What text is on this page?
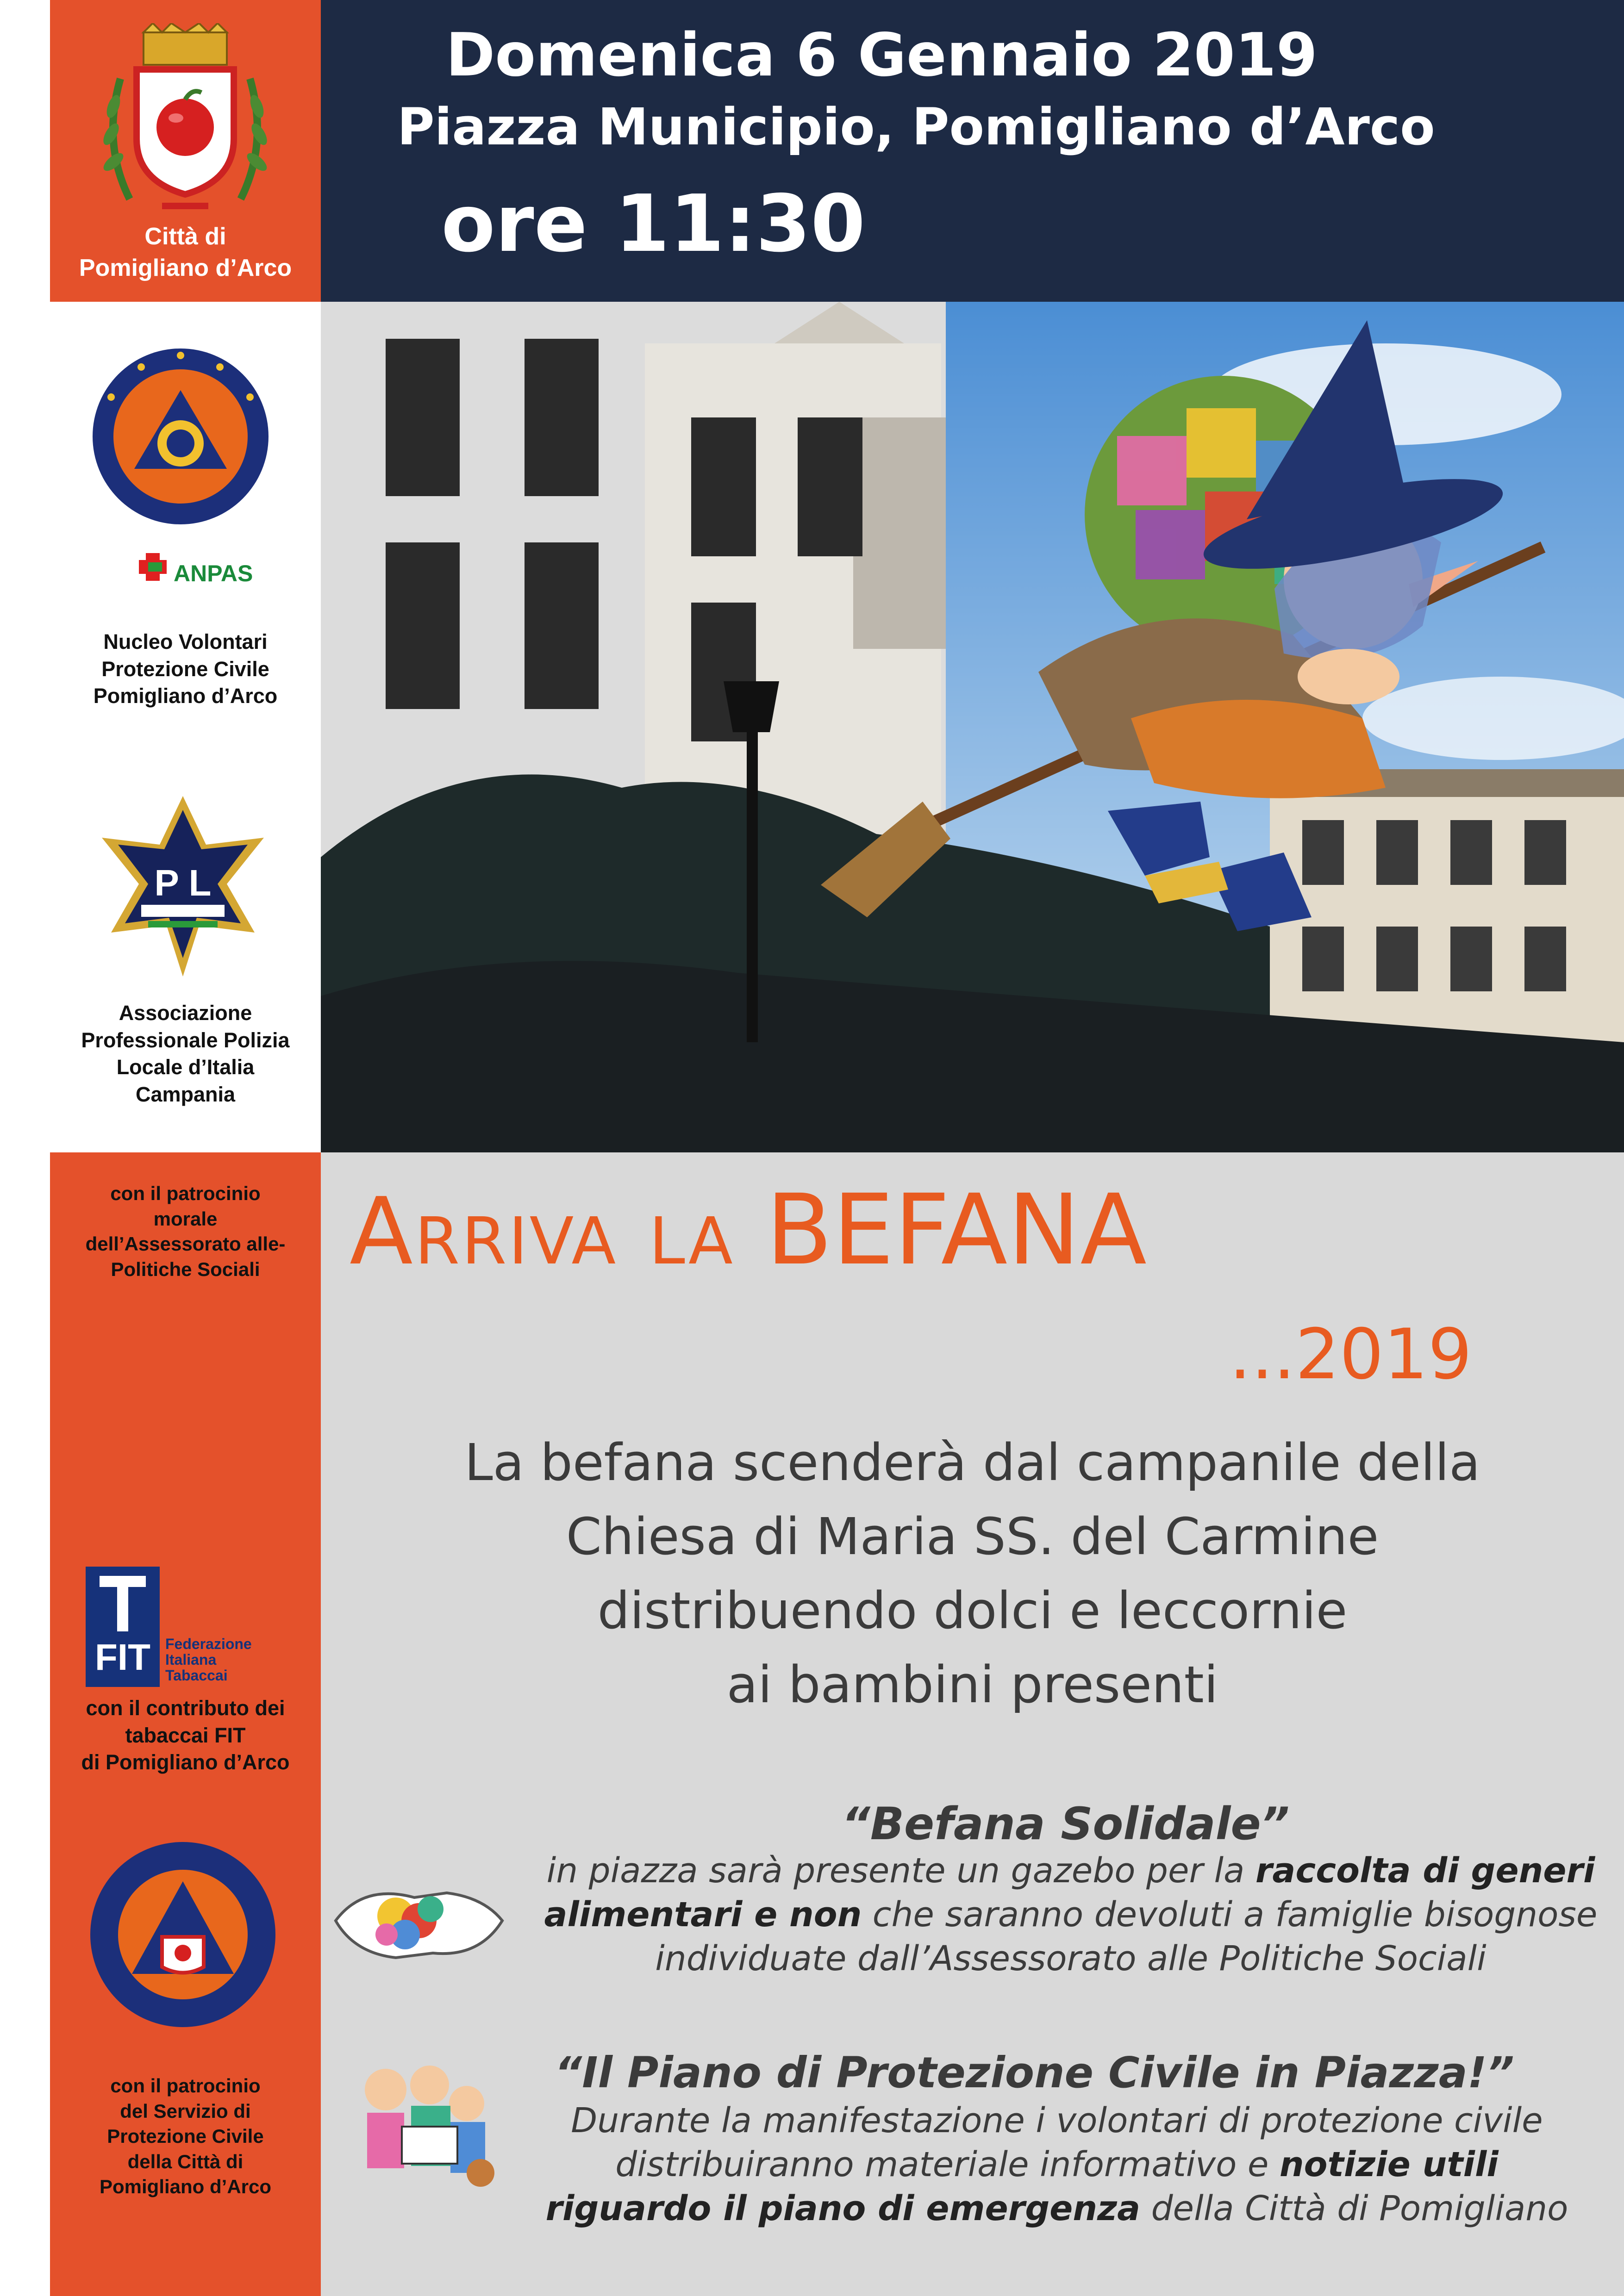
Città di
Pomigliano d’Arco
ANPAS
Nucleo Volontari
Protezione Civile
Pomigliano d’Arco
P L
Associazione
Professionale Polizia
Locale d’Italia
Campania
con il patrocinio
morale
dell’Assessorato alle-
Politiche Sociali
FIT	Federazione
Italiana
Tabaccai
con il contributo dei
tabaccai FIT
di Pomigliano d’Arco
con il patrocinio
del Servizio di
Protezione Civile
della Città di
Pomigliano d’Arco
Domenica 6 Gennaio 2019
Piazza Municipio, Pomigliano d’Arco
ore 11:30
Arriva la BEFANA
...2019
La befana scenderà dal campanile della
Chiesa di Maria SS. del Carmine
distribuendo dolci e leccornie
ai bambini presenti
“Befana Solidale”
in piazza sarà presente un gazebo per la raccolta di generi alimentari e non che saranno devoluti a famiglie bisognose individuate dall’Assessorato alle Politiche Sociali
“Il Piano di Protezione Civile in Piazza!”
Durante la manifestazione i volontari di protezione civile distribuiranno materiale informativo e notizie utili riguardo il piano di emergenza della Città di Pomigliano
